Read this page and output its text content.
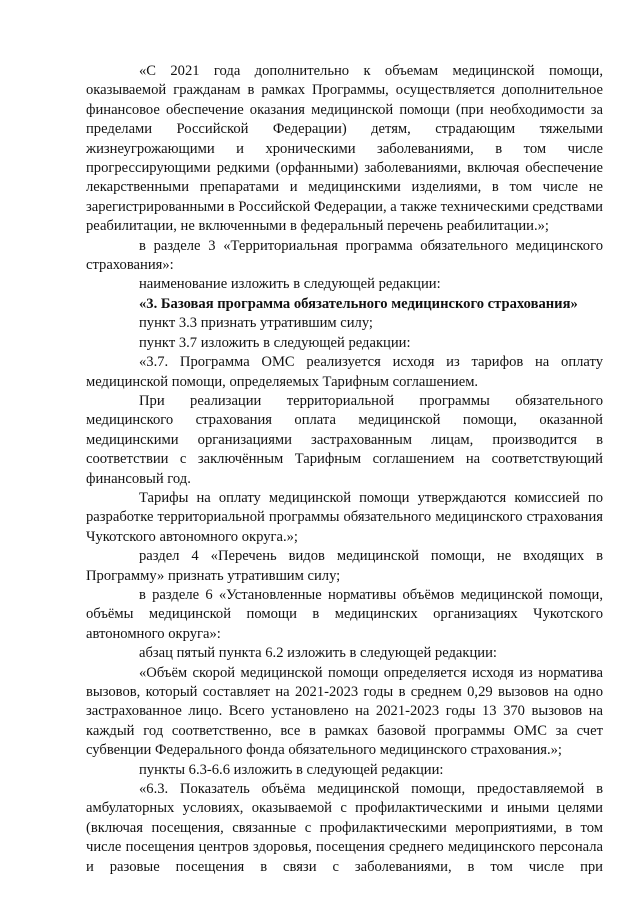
«С 2021 года дополнительно к объемам медицинской помощи, оказываемой гражданам в рамках Программы, осуществляется дополнительное финансовое обеспечение оказания медицинской помощи (при необходимости за пределами Российской Федерации) детям, страдающим тяжелыми жизнеугрожающими и хроническими заболеваниями, в том числе прогрессирующими редкими (орфанными) заболеваниями, включая обеспечение лекарственными препаратами и медицинскими изделиями, в том числе не зарегистрированными в Российской Федерации, а также техническими средствами реабилитации, не включенными в федеральный перечень реабилитации.»;

в разделе 3 «Территориальная программа обязательного медицинского страхования»:

наименование изложить в следующей редакции:

«3. Базовая программа обязательного медицинского страхования»

пункт 3.3 признать утратившим силу;

пункт 3.7 изложить в следующей редакции:

«3.7. Программа ОМС реализуется исходя из тарифов на оплату медицинской помощи, определяемых Тарифным соглашением.

При реализации территориальной программы обязательного медицинского страхования оплата медицинской помощи, оказанной медицинскими организациями застрахованным лицам, производится в соответствии с заключённым Тарифным соглашением на соответствующий финансовый год.

Тарифы на оплату медицинской помощи утверждаются комиссией по разработке территориальной программы обязательного медицинского страхования Чукотского автономного округа.»;

раздел 4 «Перечень видов медицинской помощи, не входящих в Программу» признать утратившим силу;

в разделе 6 «Установленные нормативы объёмов медицинской помощи, объёмы медицинской помощи в медицинских организациях Чукотского автономного округа»:

абзац пятый пункта 6.2 изложить в следующей редакции:

«Объём скорой медицинской помощи определяется исходя из норматива вызовов, который составляет на 2021-2023 годы в среднем 0,29 вызовов на одно застрахованное лицо. Всего установлено на 2021-2023 годы 13 370 вызовов на каждый год соответственно, все в рамках базовой программы ОМС за счет субвенции Федерального фонда обязательного медицинского страхования.»;

пункты 6.3-6.6 изложить в следующей редакции:

«6.3. Показатель объёма медицинской помощи, предоставляемой в амбулаторных условиях, оказываемой с профилактическими и иными целями (включая посещения, связанные с профилактическими мероприятиями, в том числе посещения центров здоровья, посещения среднего медицинского персонала и разовые посещения в связи с заболеваниями, в том числе при
